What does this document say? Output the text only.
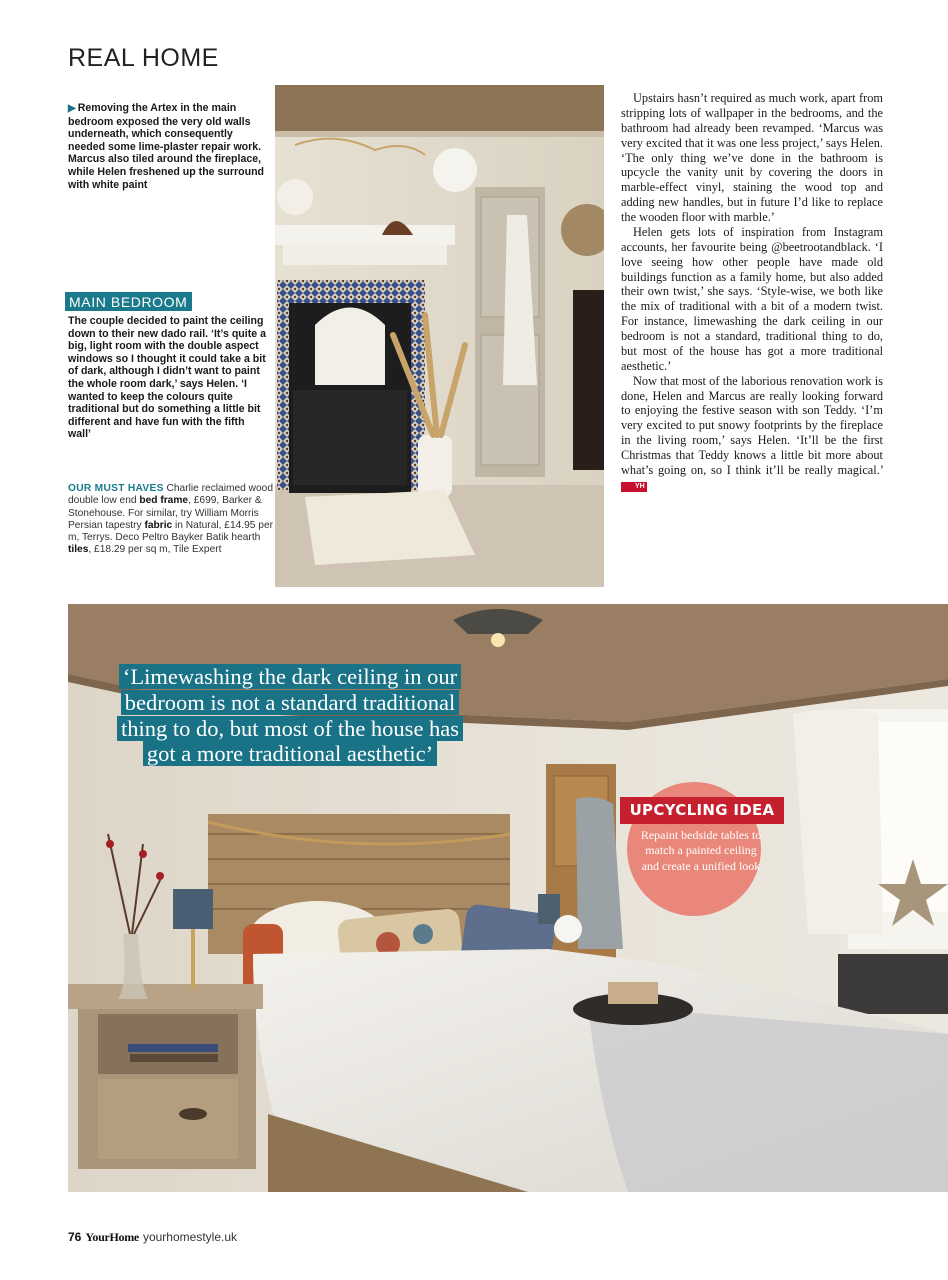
REAL HOME
▶ Removing the Artex in the main bedroom exposed the very old walls underneath, which consequently needed some lime-plaster repair work. Marcus also tiled around the fireplace, while Helen freshened up the surround with white paint
MAIN BEDROOM
The couple decided to paint the ceiling down to their new dado rail. ‘It’s quite a big, light room with the double aspect windows so I thought it could take a bit of dark, although I didn’t want to paint the whole room dark,’ says Helen. ‘I wanted to keep the colours quite traditional but do something a little bit different and have fun with the fifth wall’
OUR MUST HAVES Charlie reclaimed wood double low end bed frame, £699, Barker & Stonehouse. For similar, try William Morris Persian tapestry fabric in Natural, £14.95 per m, Terrys. Deco Peltro Bayker Batik hearth tiles, £18.29 per sq m, Tile Expert

Upstairs hasn’t required as much work, apart from stripping lots of wallpaper in the bedrooms, and the bathroom had already been revamped. ‘Marcus was very excited that it was one less project,’ says Helen. ‘The only thing we’ve done in the bathroom is upcycle the vanity unit by covering the doors in marble-effect vinyl, staining the wood top and adding new handles, but in future I’d like to replace the wooden floor with marble.’

Helen gets lots of inspiration from Instagram accounts, her favourite being @beetrootandblack. ‘I love seeing how other people have made old buildings function as a family home, but also added their own twist,’ she says. ‘Style-wise, we both like the mix of traditional with a bit of a modern twist. For instance, limewashing the dark ceiling in our bedroom is not a standard, traditional thing to do, but most of the house has got a more traditional aesthetic.’

Now that most of the laborious renovation work is done, Helen and Marcus are really looking forward to enjoying the festive season with son Teddy. ‘I’m very excited to put snowy footprints by the fireplace in the living room,’ says Helen. ‘It’ll be the first Christmas that Teddy knows a little bit more about what’s going on, so I think it’ll be really magical.’ YH

‘Limewashing the dark ceiling in our bedroom is not a standard traditional thing to do, but most of the house has got a more traditional aesthetic’
UPCYCLING IDEA
Repaint bedside tables to match a painted ceiling and create a unified look
76 YourHome yourhomestyle.uk
